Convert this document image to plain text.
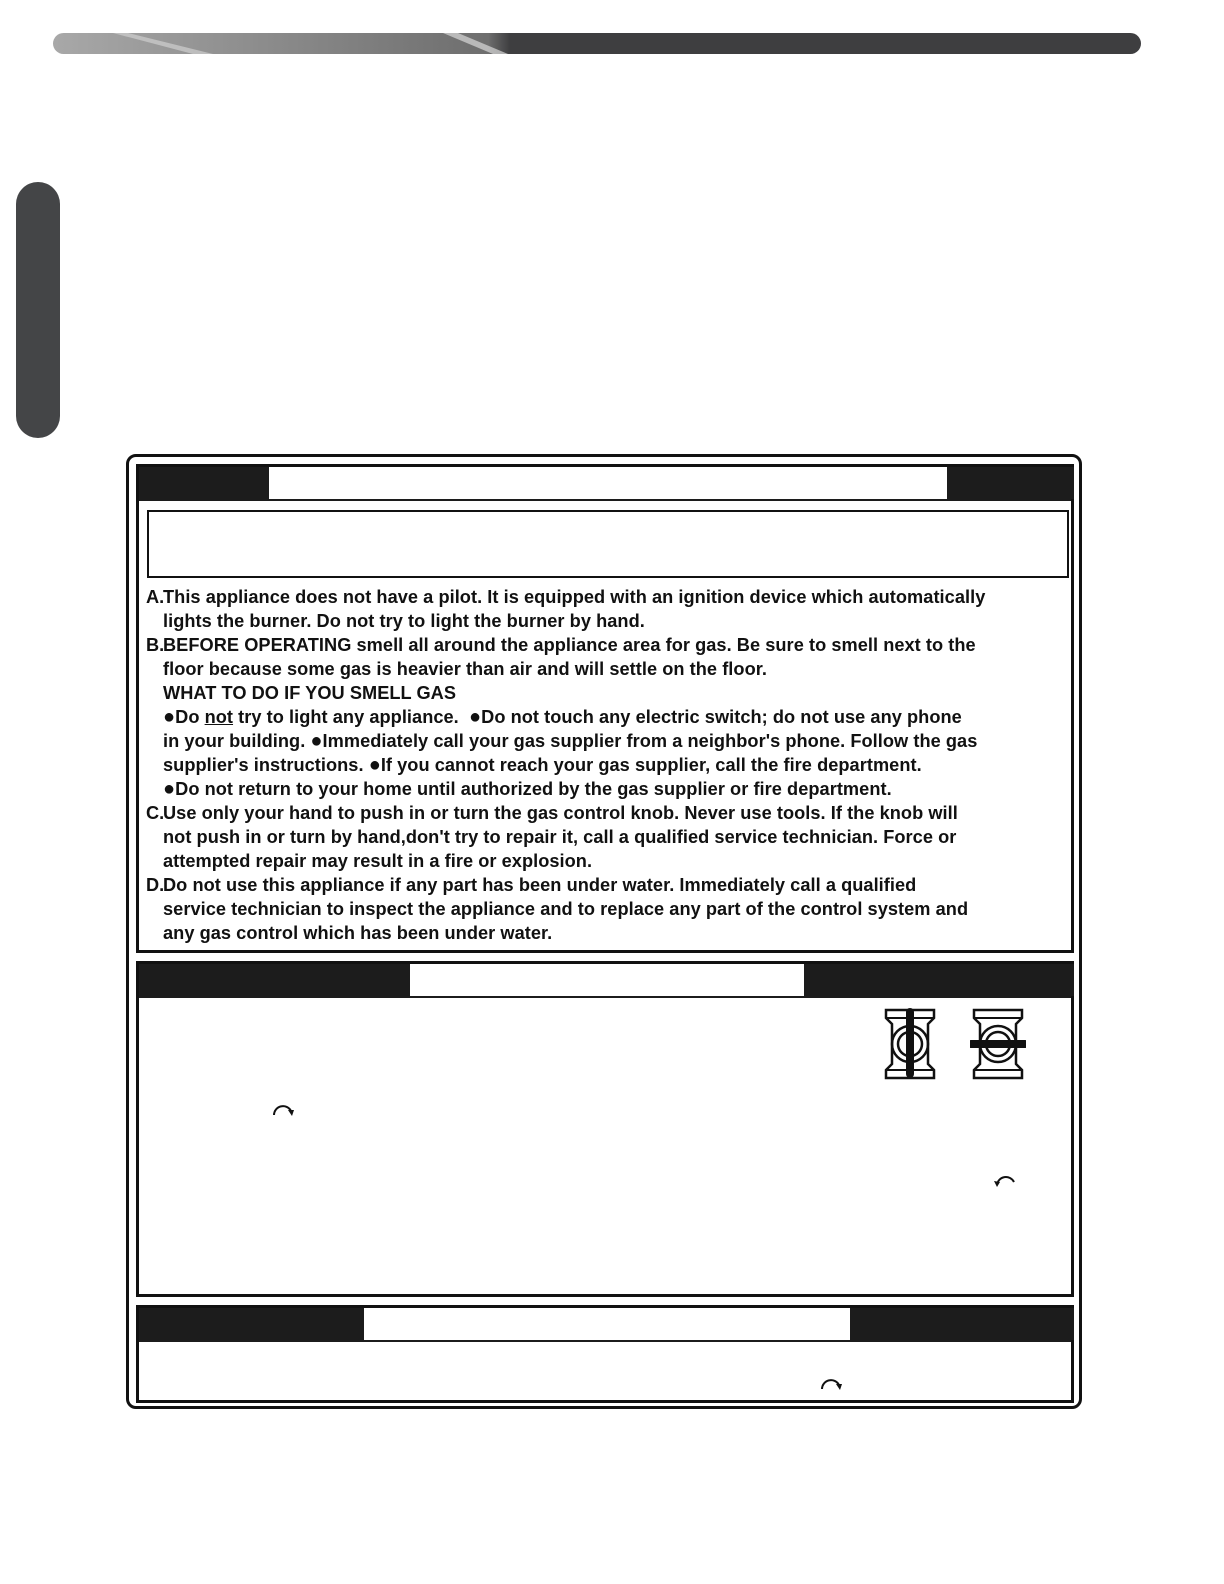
A.This appliance does not have a pilot. It is equipped with an ignition device which automatically

lights the burner. Do not try to light the burner by hand.

B.BEFORE OPERATING smell all around the appliance area for gas. Be sure to smell next to the

floor because some gas is heavier than air and will settle on the floor.

WHAT TO DO IF YOU SMELL GAS

●Do not try to light any appliance. ●Do not touch any electric switch; do not use any phone

in your building. ●Immediately call your gas supplier from a neighbor's phone. Follow the gas

supplier's instructions. ●If you cannot reach your gas supplier, call the fire department.

●Do not return to your home until authorized by the gas supplier or fire department.

C.Use only your hand to push in or turn the gas control knob. Never use tools. If the knob will

not push in or turn by hand,don't try to repair it, call a qualified service technician. Force or

attempted repair may result in a fire or explosion.

D.Do not use this appliance if any part has been under water. Immediately call a qualified

service technician to inspect the appliance and to replace any part of the control system and

any gas control which has been under water.
